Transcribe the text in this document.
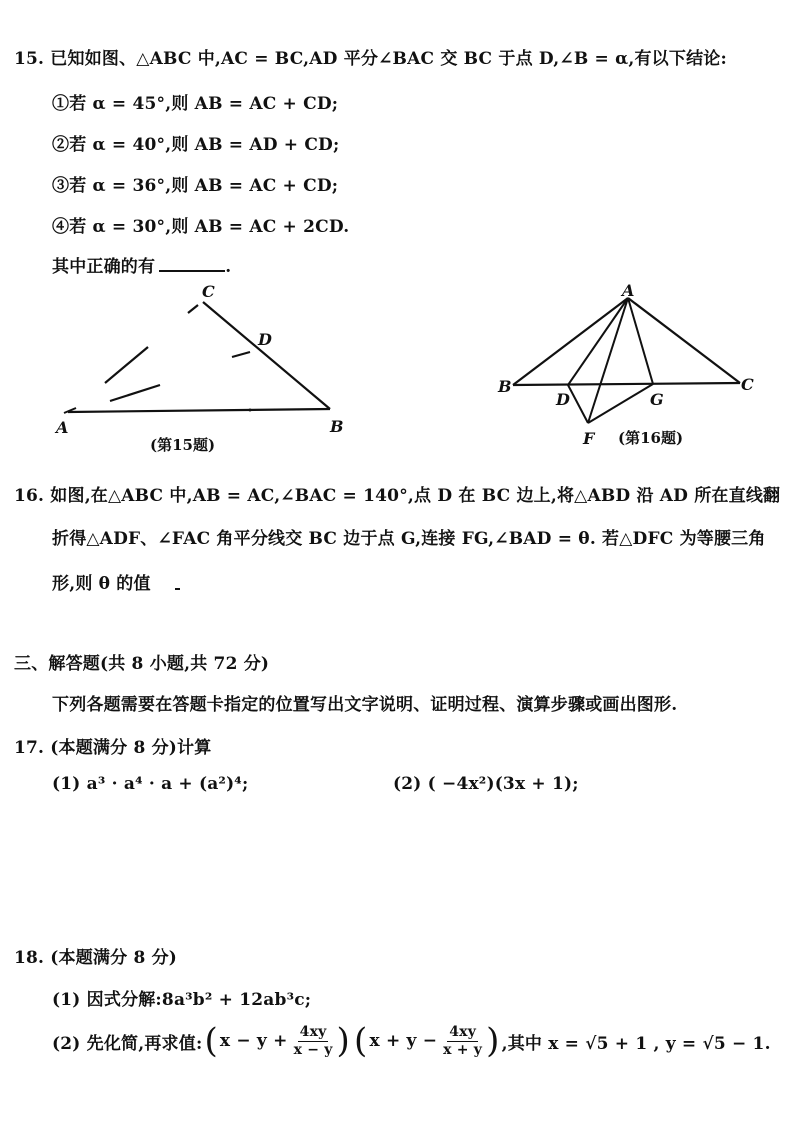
15. 已知如图、△ABC 中,AC = BC,AD 平分∠BAC 交 BC 于点 D,∠B = α,有以下结论:
①若 α = 45°,则 AB = AC + CD;
②若 α = 40°,则 AB = AD + CD;
③若 α = 36°,则 AB = AC + CD;
④若 α = 30°,则 AB = AC + 2CD.
其中正确的有	.
A	B
C
D
(第15题)
A
B	C
D	G
F (第16题)
16. 如图,在△ABC 中,AB = AC,∠BAC = 140°,点 D 在 BC 边上,将△ABD 沿 AD 所在直线翻
折得△ADF、∠FAC 角平分线交 BC 边于点 G,连接 FG,∠BAD = θ. 若△DFC 为等腰三角
形,则 θ 的值
三、解答题(共 8 小题,共 72 分)
下列各题需要在答题卡指定的位置写出文字说明、证明过程、演算步骤或画出图形.
17. (本题满分 8 分)计算
(1) a³ · a⁴ · a + (a²)⁴;	(2) ( −4x²)(3x + 1);
18. (本题满分 8 分)
(1) 因式分解:8a³b² + 12ab³c;
(2) 先化简,再求值: ( $x - y + \frac{4xy}{x - y}$ ) ( $x + y - \frac{4xy}{x + y}$ ) ,其中 x = √5 + 1 , y = √5 − 1.
